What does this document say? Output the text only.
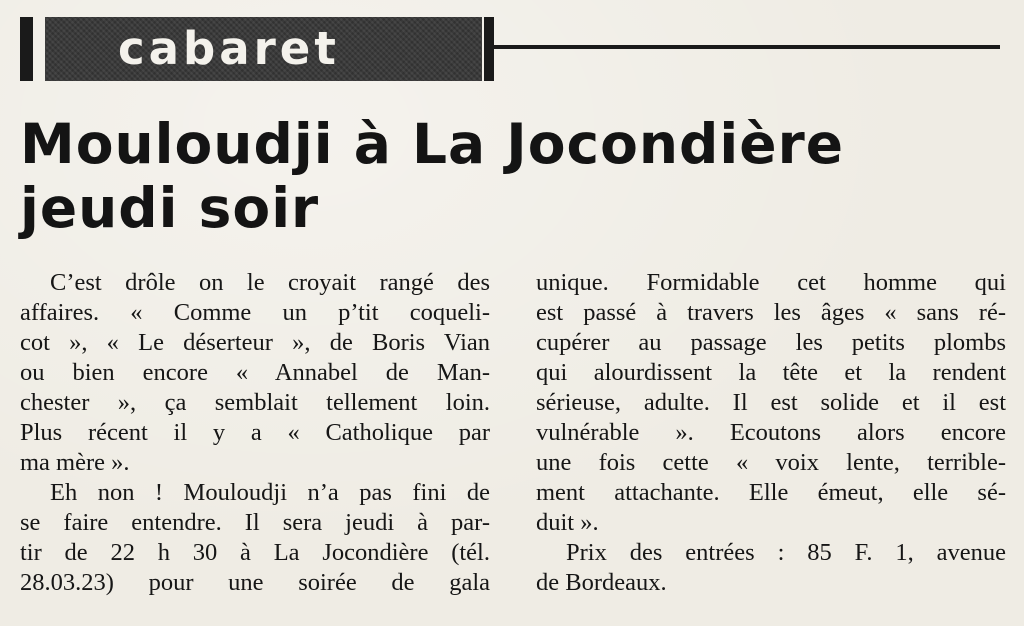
cabaret
Mouloudji à La Jocondière
jeudi soir
C’est drôle on le croyait rangé des
affaires. « Comme un p’tit coqueli-
cot », « Le déserteur », de Boris Vian
ou bien encore « Annabel de Man-
chester », ça semblait tellement loin.
Plus récent il y a « Catholique par
ma mère ».
Eh non ! Mouloudji n’a pas fini de
se faire entendre. Il sera jeudi à par-
tir de 22 h 30 à La Jocondière (tél.
28.03.23) pour une soirée de gala
unique. Formidable cet homme qui
est passé à travers les âges « sans ré-
cupérer au passage les petits plombs
qui alourdissent la tête et la rendent
sérieuse, adulte. Il est solide et il est
vulnérable ». Ecoutons alors encore
une fois cette « voix lente, terrible-
ment attachante. Elle émeut, elle sé-
duit ».
Prix des entrées : 85 F. 1, avenue
de Bordeaux.
